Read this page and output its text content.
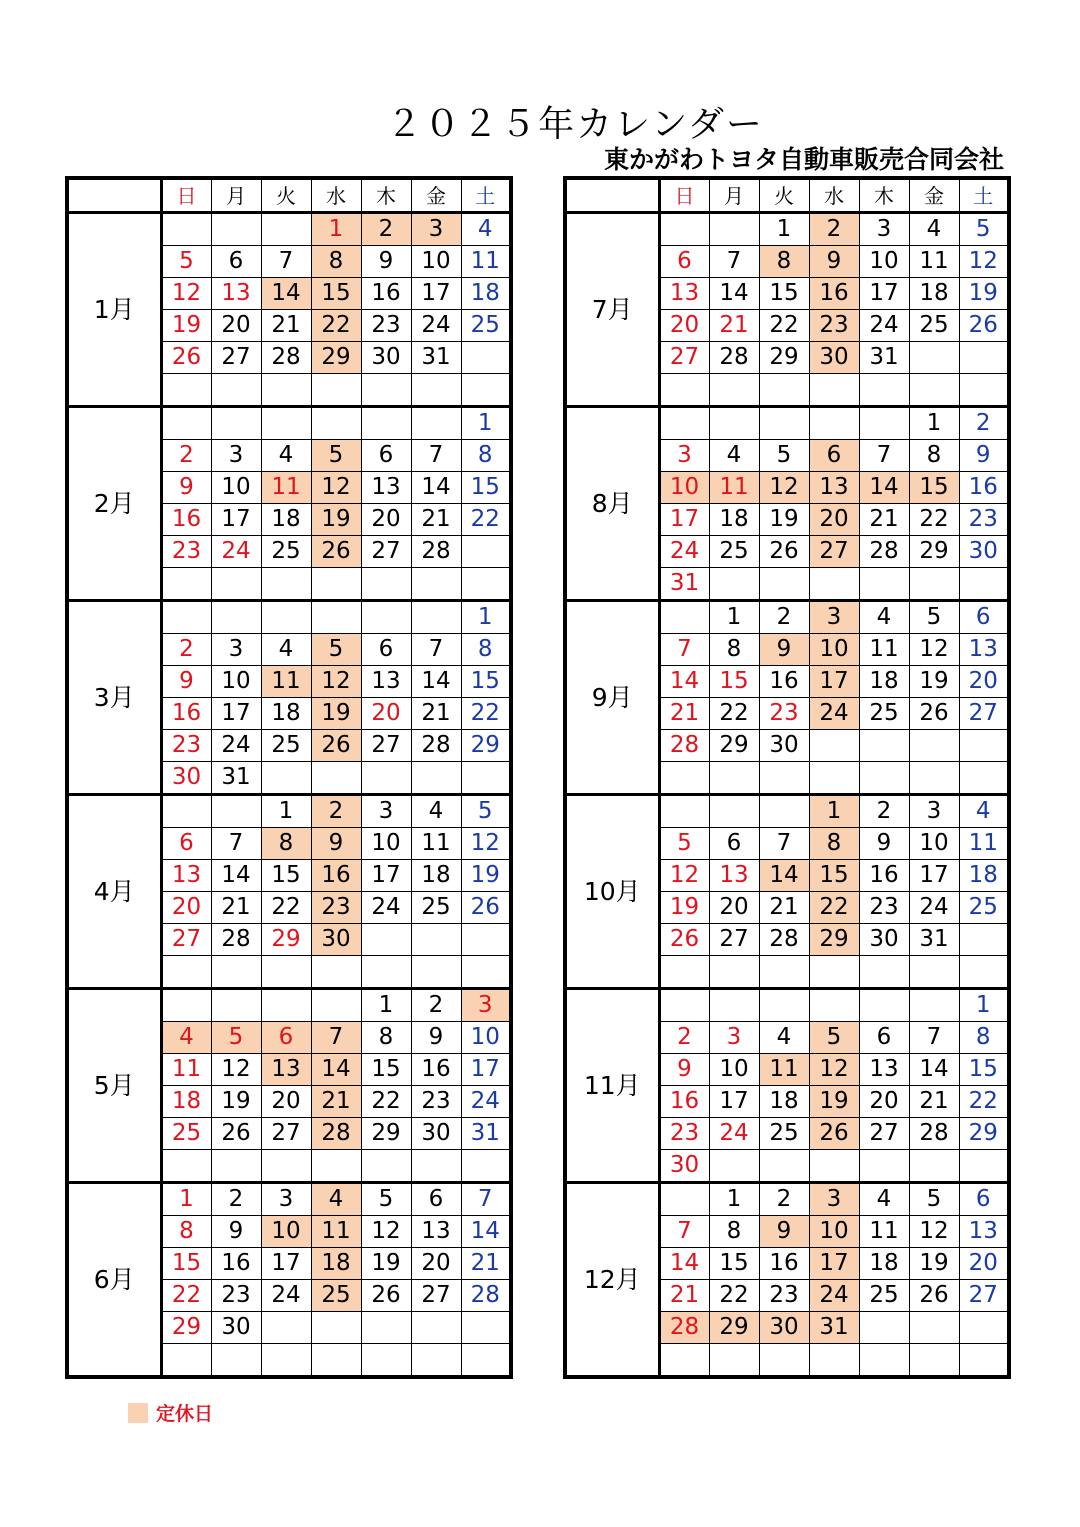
２０２５年カレンダー
東かがわトヨタ自動車販売合同会社
	日	月	火	水	木	金	土
1月				1	2	3	4
	5	6	7	8	9	10	11
	12	13	14	15	16	17	18
	19	20	21	22	23	24	25
	26	27	28	29	30	31	

2月							1
	2	3	4	5	6	7	8
	9	10	11	12	13	14	15
	16	17	18	19	20	21	22
	23	24	25	26	27	28	

3月							1
	2	3	4	5	6	7	8
	9	10	11	12	13	14	15
	16	17	18	19	20	21	22
	23	24	25	26	27	28	29
	30	31					
4月			1	2	3	4	5
	6	7	8	9	10	11	12
	13	14	15	16	17	18	19
	20	21	22	23	24	25	26
	27	28	29	30			

5月					1	2	3
	4	5	6	7	8	9	10
	11	12	13	14	15	16	17
	18	19	20	21	22	23	24
	25	26	27	28	29	30	31

6月	1	2	3	4	5	6	7
	8	9	10	11	12	13	14
	15	16	17	18	19	20	21
	22	23	24	25	26	27	28
	29	30					

	日	月	火	水	木	金	土
7月			1	2	3	4	5
	6	7	8	9	10	11	12
	13	14	15	16	17	18	19
	20	21	22	23	24	25	26
	27	28	29	30	31		

8月						1	2
	3	4	5	6	7	8	9
	10	11	12	13	14	15	16
	17	18	19	20	21	22	23
	24	25	26	27	28	29	30
	31						
9月		1	2	3	4	5	6
	7	8	9	10	11	12	13
	14	15	16	17	18	19	20
	21	22	23	24	25	26	27
	28	29	30				

10月				1	2	3	4
	5	6	7	8	9	10	11
	12	13	14	15	16	17	18
	19	20	21	22	23	24	25
	26	27	28	29	30	31	

11月							1
	2	3	4	5	6	7	8
	9	10	11	12	13	14	15
	16	17	18	19	20	21	22
	23	24	25	26	27	28	29
	30						
12月		1	2	3	4	5	6
	7	8	9	10	11	12	13
	14	15	16	17	18	19	20
	21	22	23	24	25	26	27
	28	29	30	31			

定休日
